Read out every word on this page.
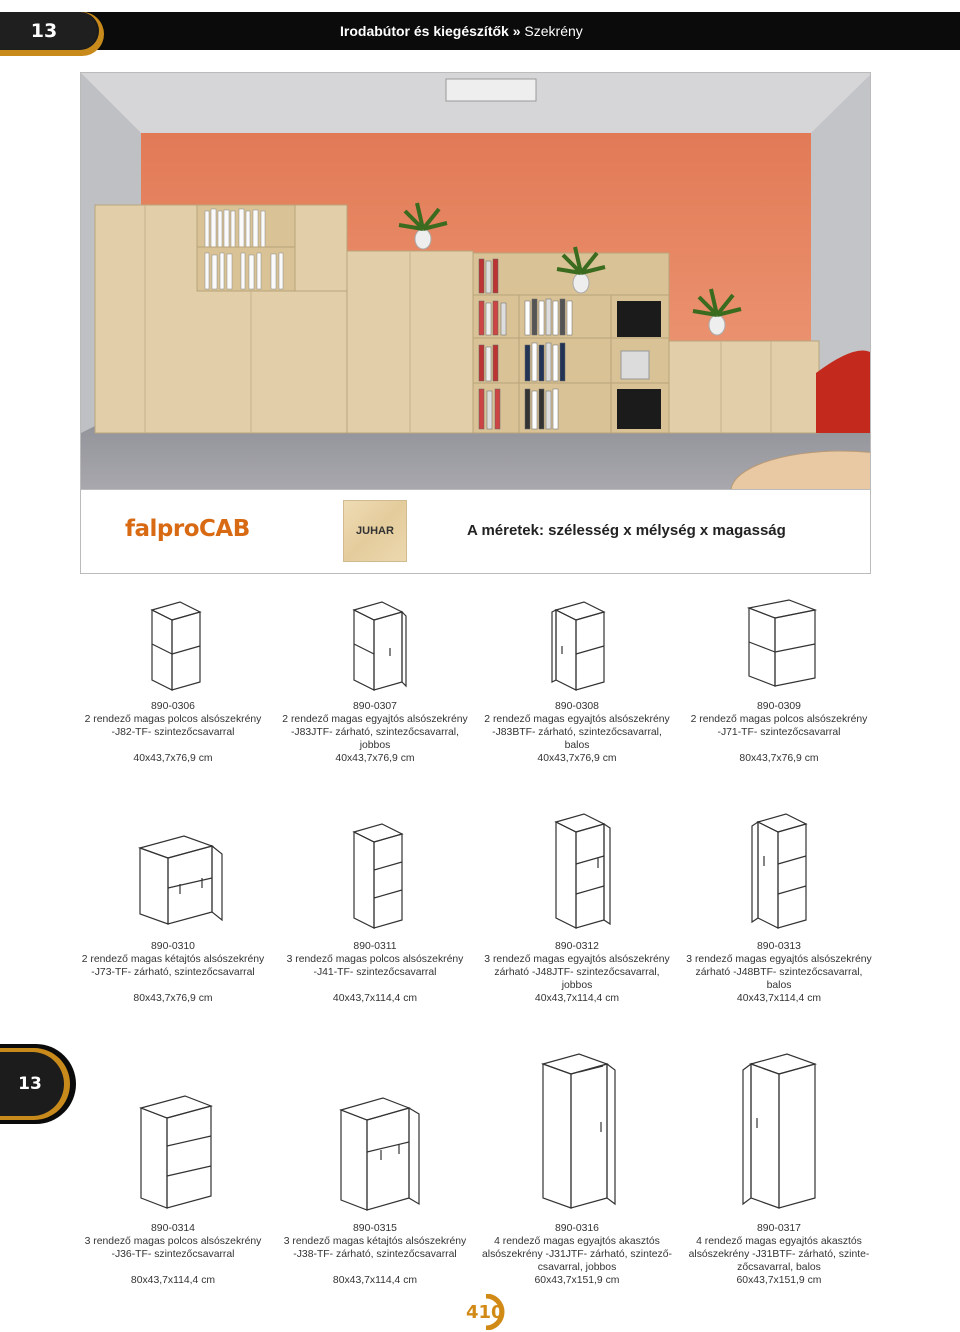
13	Irodabútor és kiegészítők » Szekrény
falproCAB	JUHAR	A méretek: szélesség x mélység x magasság
13
890-0306
2 rendező magas polcos alsószekrény
-J82-TF- szintezőcsavarral
40x43,7x76,9 cm
890-0307
2 rendező magas egyajtós alsószekrény
-J83JTF- zárható, szintezőcsavarral,
jobbos
40x43,7x76,9 cm
890-0308
2 rendező magas egyajtós alsószekrény
-J83BTF- zárható, szintezőcsavarral,
balos
40x43,7x76,9 cm
890-0309
2 rendező magas polcos alsószekrény
-J71-TF- szintezőcsavarral
80x43,7x76,9 cm
890-0310
2 rendező magas kétajtós alsószekrény
-J73-TF- zárható, szintezőcsavarral
80x43,7x76,9 cm
890-0311
3 rendező magas polcos alsószekrény
-J41-TF- szintezőcsavarral
40x43,7x114,4 cm
890-0312
3 rendező magas egyajtós alsószekrény
zárható -J48JTF- szintezőcsavarral,
jobbos
40x43,7x114,4 cm
890-0313
3 rendező magas egyajtós alsószekrény
zárható -J48BTF- szintezőcsavarral,
balos
40x43,7x114,4 cm
890-0314
3 rendező magas polcos alsószekrény
-J36-TF- szintezőcsavarral
80x43,7x114,4 cm
890-0315
3 rendező magas kétajtós alsószekrény
-J38-TF- zárható, szintezőcsavarral
80x43,7x114,4 cm
890-0316
4 rendező magas egyajtós akasztós
alsószekrény -J31JTF- zárható, szintező-
csavarral, jobbos
60x43,7x151,9 cm
890-0317
4 rendező magas egyajtós akasztós
alsószekrény -J31BTF- zárható, szinte-
zőcsavarral, balos
60x43,7x151,9 cm
410
